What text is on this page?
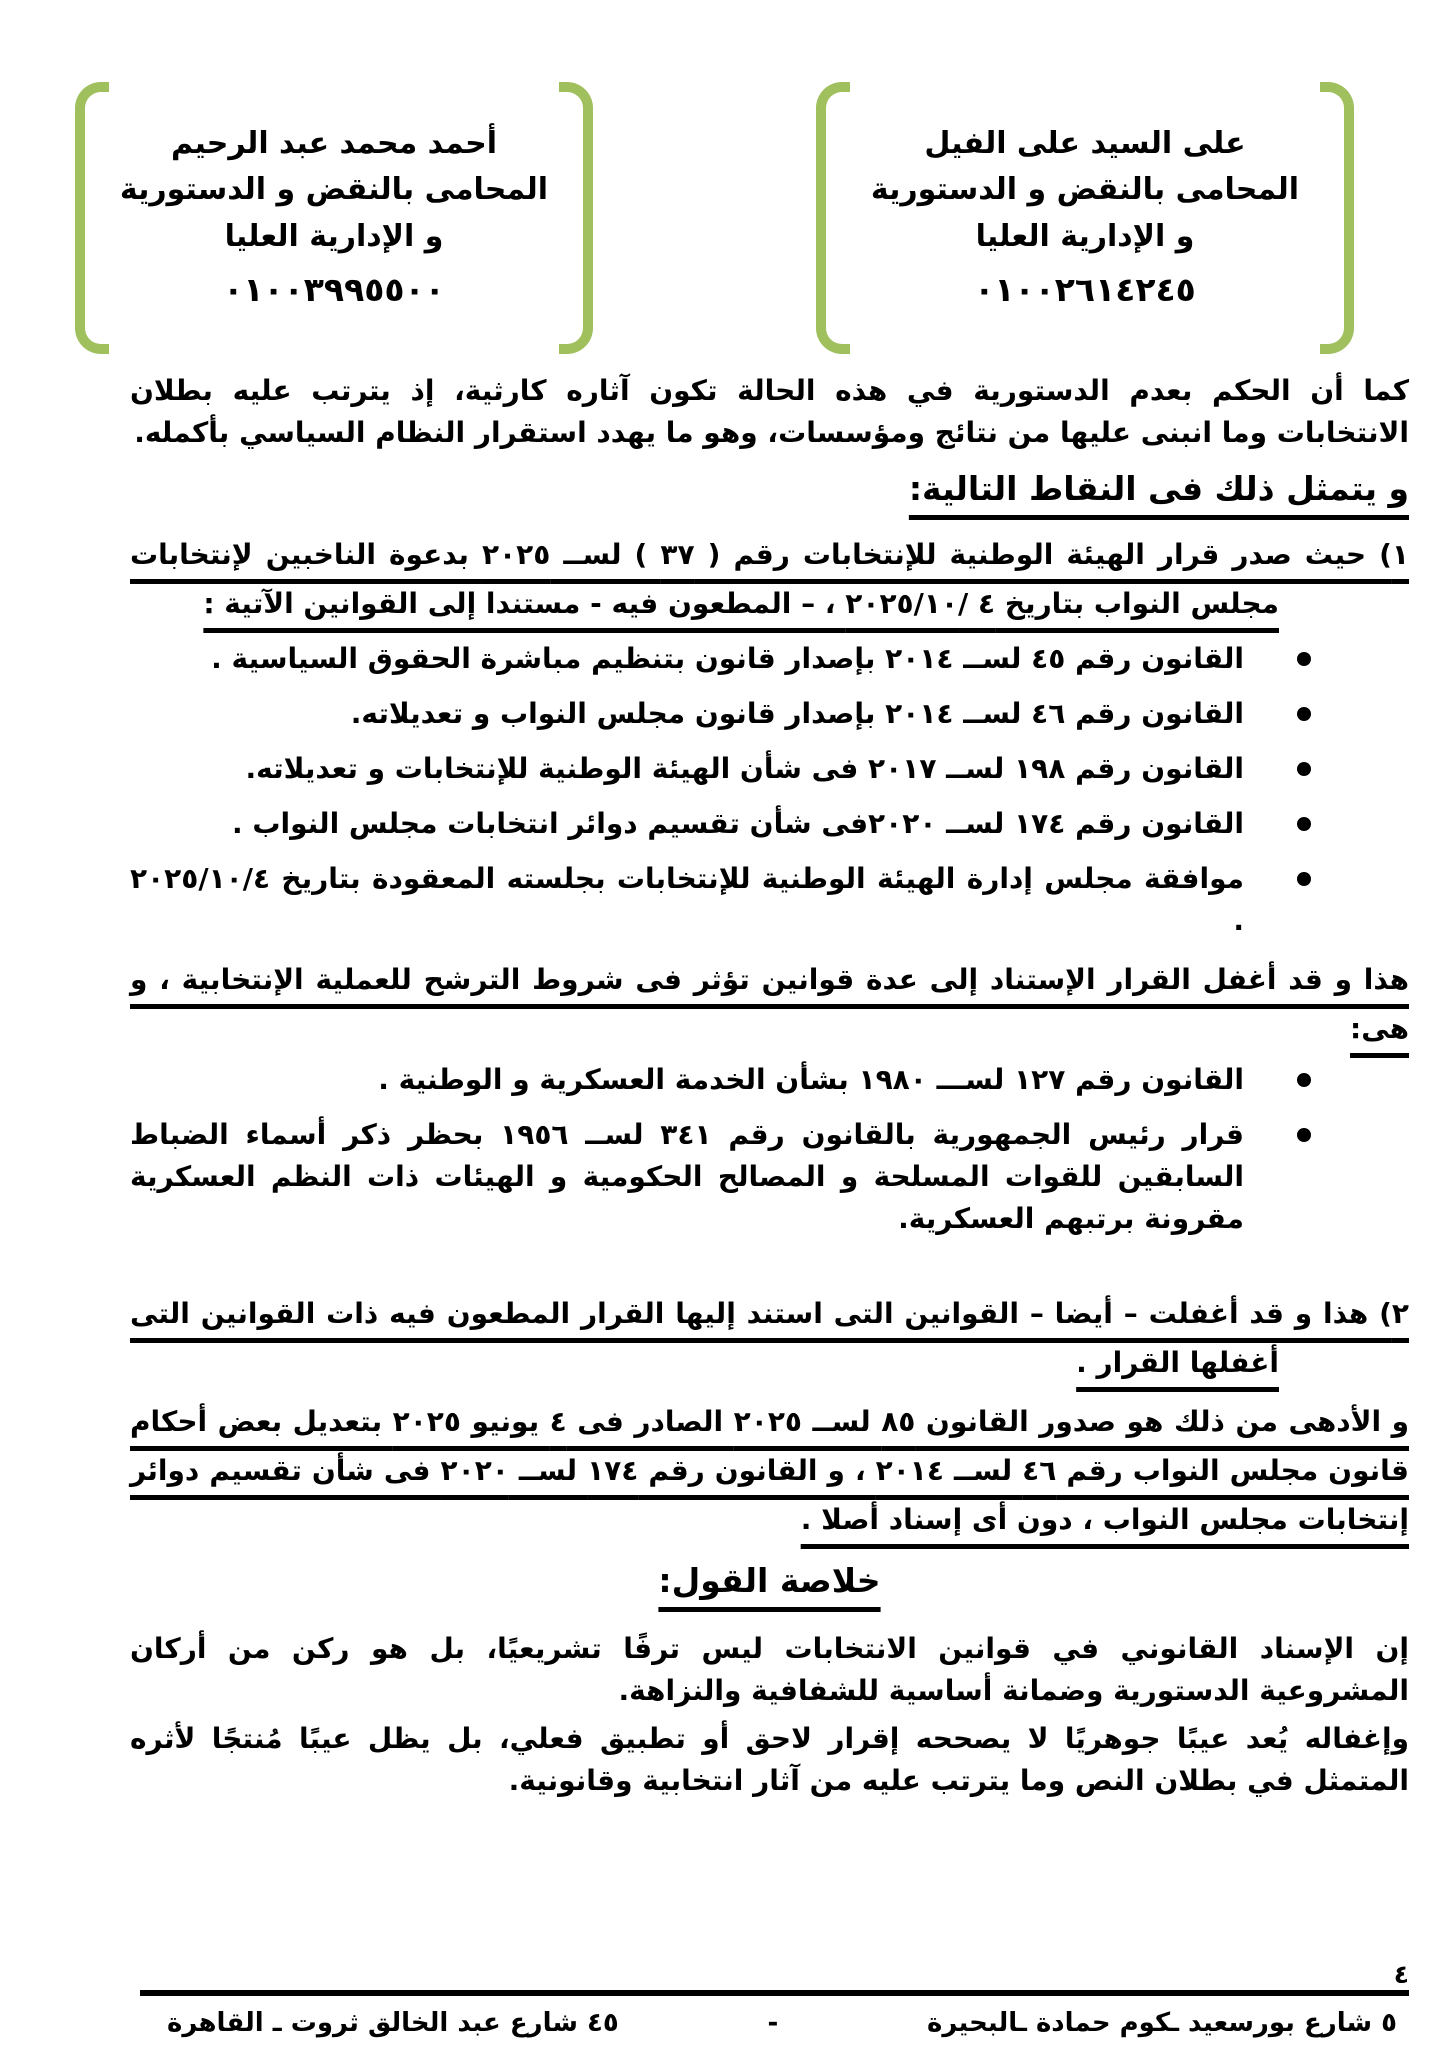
على السيد على الفيل
المحامى بالنقض و الدستورية
و الإدارية العليا
٠١٠٠٢٦١٤٢٤٥
أحمد محمد عبد الرحيم
المحامى بالنقض و الدستورية
و الإدارية العليا
٠١٠٠٣٩٩٥٥٠٠

كما أن الحكم بعدم الدستورية في هذه الحالة تكون آثاره كارثية، إذ يترتب عليه بطلان الانتخابات وما انبنى عليها من نتائج ومؤسسات، وهو ما يهدد استقرار النظام السياسي بأكمله.

و يتمثل ذلك فى النقاط التالية:

١) حيث صدر قرار الهيئة الوطنية للإنتخابات رقم ( ٣٧ ) لســ ٢٠٢٥ بدعوة الناخبين لإنتخابات مجلس النواب بتاريخ ٤ /٢٠٢٥/١٠ ، – المطعون فيه - مستندا إلى القوانين الآتية :

القانون رقم ٤٥ لســ ٢٠١٤ بإصدار قانون بتنظيم مباشرة الحقوق السياسية .
القانون رقم ٤٦ لســ ٢٠١٤ بإصدار قانون مجلس النواب و تعديلاته.
القانون رقم ١٩٨ لســ ٢٠١٧ فى شأن الهيئة الوطنية للإنتخابات و تعديلاته.
القانون رقم ١٧٤ لســ ٢٠٢٠فى شأن تقسيم دوائر انتخابات مجلس النواب .
موافقة مجلس إدارة الهيئة الوطنية للإنتخابات بجلسته المعقودة بتاريخ ٢٠٢٥/١٠/٤ .

هذا و قد أغفل القرار الإستناد إلى عدة قوانين تؤثر فى شروط الترشح للعملية الإنتخابية ، و هى:

القانون رقم ١٢٧ لســـ ١٩٨٠ بشأن الخدمة العسكرية و الوطنية .
قرار رئيس الجمهورية بالقانون رقم ٣٤١ لســ ١٩٥٦ بحظر ذكر أسماء الضباط السابقين للقوات المسلحة و المصالح الحكومية و الهيئات ذات النظم العسكرية مقرونة برتبهم العسكرية.

٢) هذا و قد أغفلت – أيضا – القوانين التى استند إليها القرار المطعون فيه ذات القوانين التى أغفلها القرار .

و الأدهى من ذلك هو صدور القانون ٨٥ لســ ٢٠٢٥ الصادر فى ٤ يونيو ٢٠٢٥ بتعديل بعض أحكام قانون مجلس النواب رقم ٤٦ لســ ٢٠١٤ ، و القانون رقم ١٧٤ لســ ٢٠٢٠ فى شأن تقسيم دوائر إنتخابات مجلس النواب ، دون أى إسناد أصلا .

خلاصة القول:

إن الإسناد القانوني في قوانين الانتخابات ليس ترفًا تشريعيًا، بل هو ركن من أركان المشروعية الدستورية وضمانة أساسية للشفافية والنزاهة.

وإغفاله يُعد عيبًا جوهريًا لا يصححه إقرار لاحق أو تطبيق فعلي، بل يظل عيبًا مُنتجًا لأثره المتمثل في بطلان النص وما يترتب عليه من آثار انتخابية وقانونية.

٤
٥ شارع بورسعيد ـكوم حمادة ـالبحيرة
-
٤٥ شارع عبد الخالق ثروت ـ القاهرة
